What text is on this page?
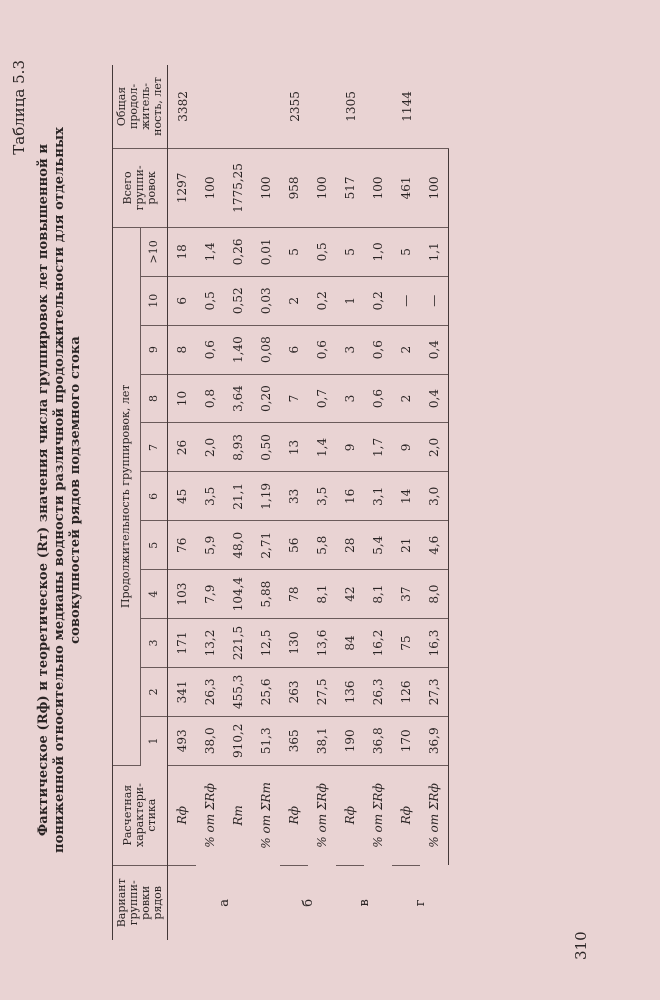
310
Таблица 5.3
Фактическое (Rф) и теоретическое (Rт) значения числа группировок лет повышенной и пониженной относительно медианы водности различной продолжительности для отдельных совокупностей рядов подземного стока
Вариант группи-ровки рядов	Расчетная характери-стика	Продолжительность группировок, лет											Всего группи-ровок	Общая продол-житель-ность, лет
		1	2	3	4	5	6	7	8	9	10	>10		
а	Rф	493	341	171	103	76	45	26	10	8	6	18	1297	3382
	% от ΣRф	38,0	26,3	13,2	7,9	5,9	3,5	2,0	0,8	0,6	0,5	1,4	100	
	Rт	910,2	455,3	221,5	104,4	48,0	21,1	8,93	3,64	1,40	0,52	0,26	1775,25	
	% от ΣRт	51,3	25,6	12,5	5,88	2,71	1,19	0,50	0,20	0,08	0,03	0,01	100	
б	Rф	365	263	130	78	56	33	13	7	6	2	5	958	2355
	% от ΣRф	38,1	27,5	13,6	8,1	5,8	3,5	1,4	0,7	0,6	0,2	0,5	100	
в	Rф	190	136	84	42	28	16	9	3	3	1	5	517	1305
	% от ΣRф	36,8	26,3	16,2	8,1	5,4	3,1	1,7	0,6	0,6	0,2	1,0	100	
г	Rф	170	126	75	37	21	14	9	2	2	—	5	461	1144
	% от ΣRф	36,9	27,3	16,3	8,0	4,6	3,0	2,0	0,4	0,4	—	1,1	100	
